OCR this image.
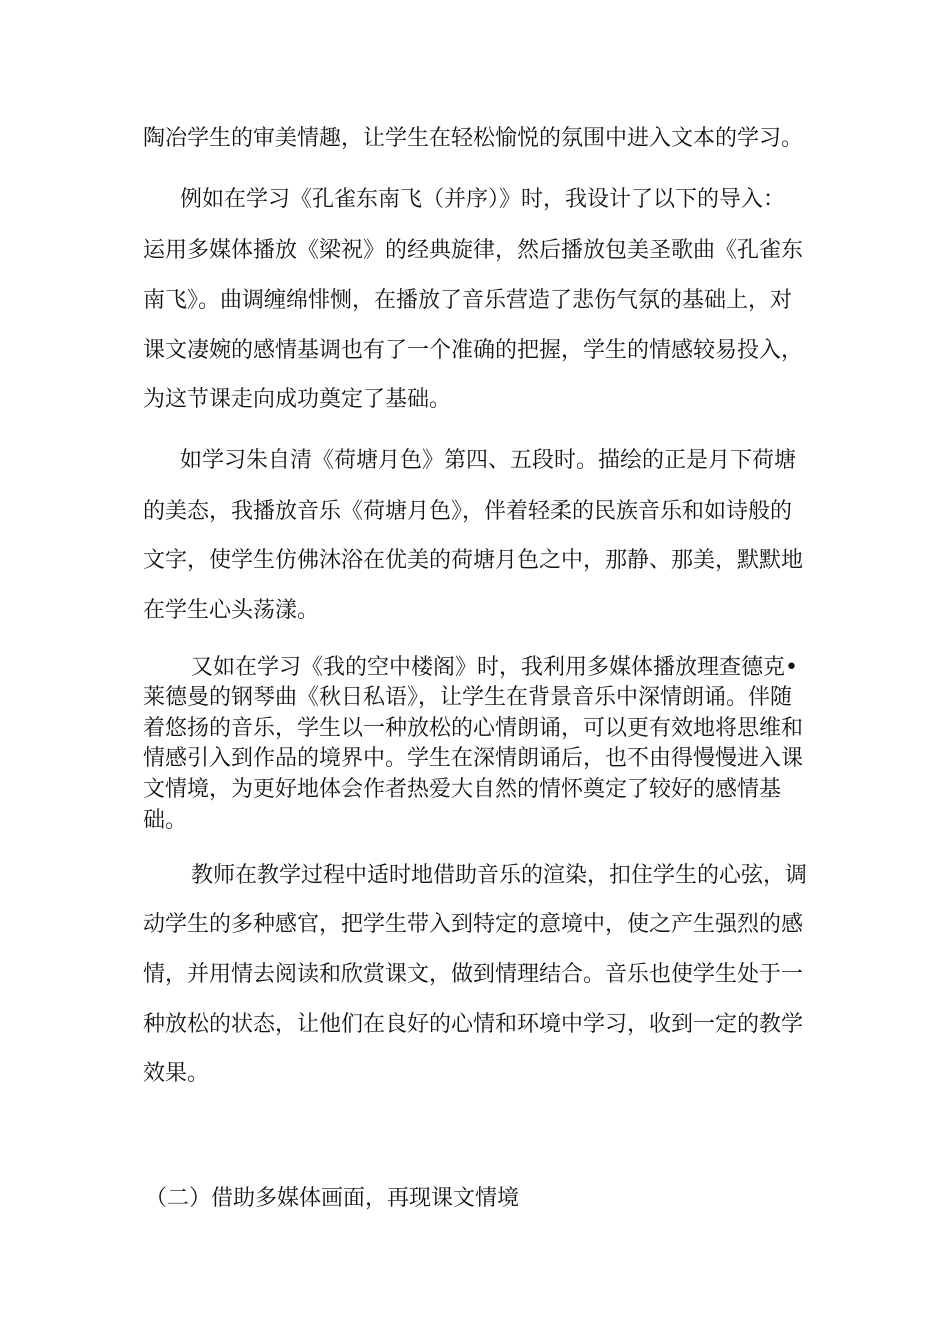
陶冶学生的审美情趣，让学生在轻松愉悦的氛围中进入文本的学习。

例如在学习《孔雀东南飞（并序）》时，我设计了以下的导入：

运用多媒体播放《梁祝》的经典旋律，然后播放包美圣歌曲《孔雀东

南飞》。曲调缠绵悱恻，在播放了音乐营造了悲伤气氛的基础上，对

课文凄婉的感情基调也有了一个准确的把握，学生的情感较易投入，

为这节课走向成功奠定了基础。

如学习朱自清《荷塘月色》第四、五段时。描绘的正是月下荷塘

的美态，我播放音乐《荷塘月色》，伴着轻柔的民族音乐和如诗般的

文字，使学生仿佛沐浴在优美的荷塘月色之中，那静、那美，默默地

在学生心头荡漾。

又如在学习《我的空中楼阁》时，我利用多媒体播放理查德克•

莱德曼的钢琴曲《秋日私语》，让学生在背景音乐中深情朗诵。伴随

着悠扬的音乐，学生以一种放松的心情朗诵，可以更有效地将思维和

情感引入到作品的境界中。学生在深情朗诵后，也不由得慢慢进入课

文情境，为更好地体会作者热爱大自然的情怀奠定了较好的感情基

础。

教师在教学过程中适时地借助音乐的渲染，扣住学生的心弦，调

动学生的多种感官，把学生带入到特定的意境中，使之产生强烈的感

情，并用情去阅读和欣赏课文，做到情理结合。音乐也使学生处于一

种放松的状态，让他们在良好的心情和环境中学习，收到一定的教学

效果。

（二）借助多媒体画面，再现课文情境
